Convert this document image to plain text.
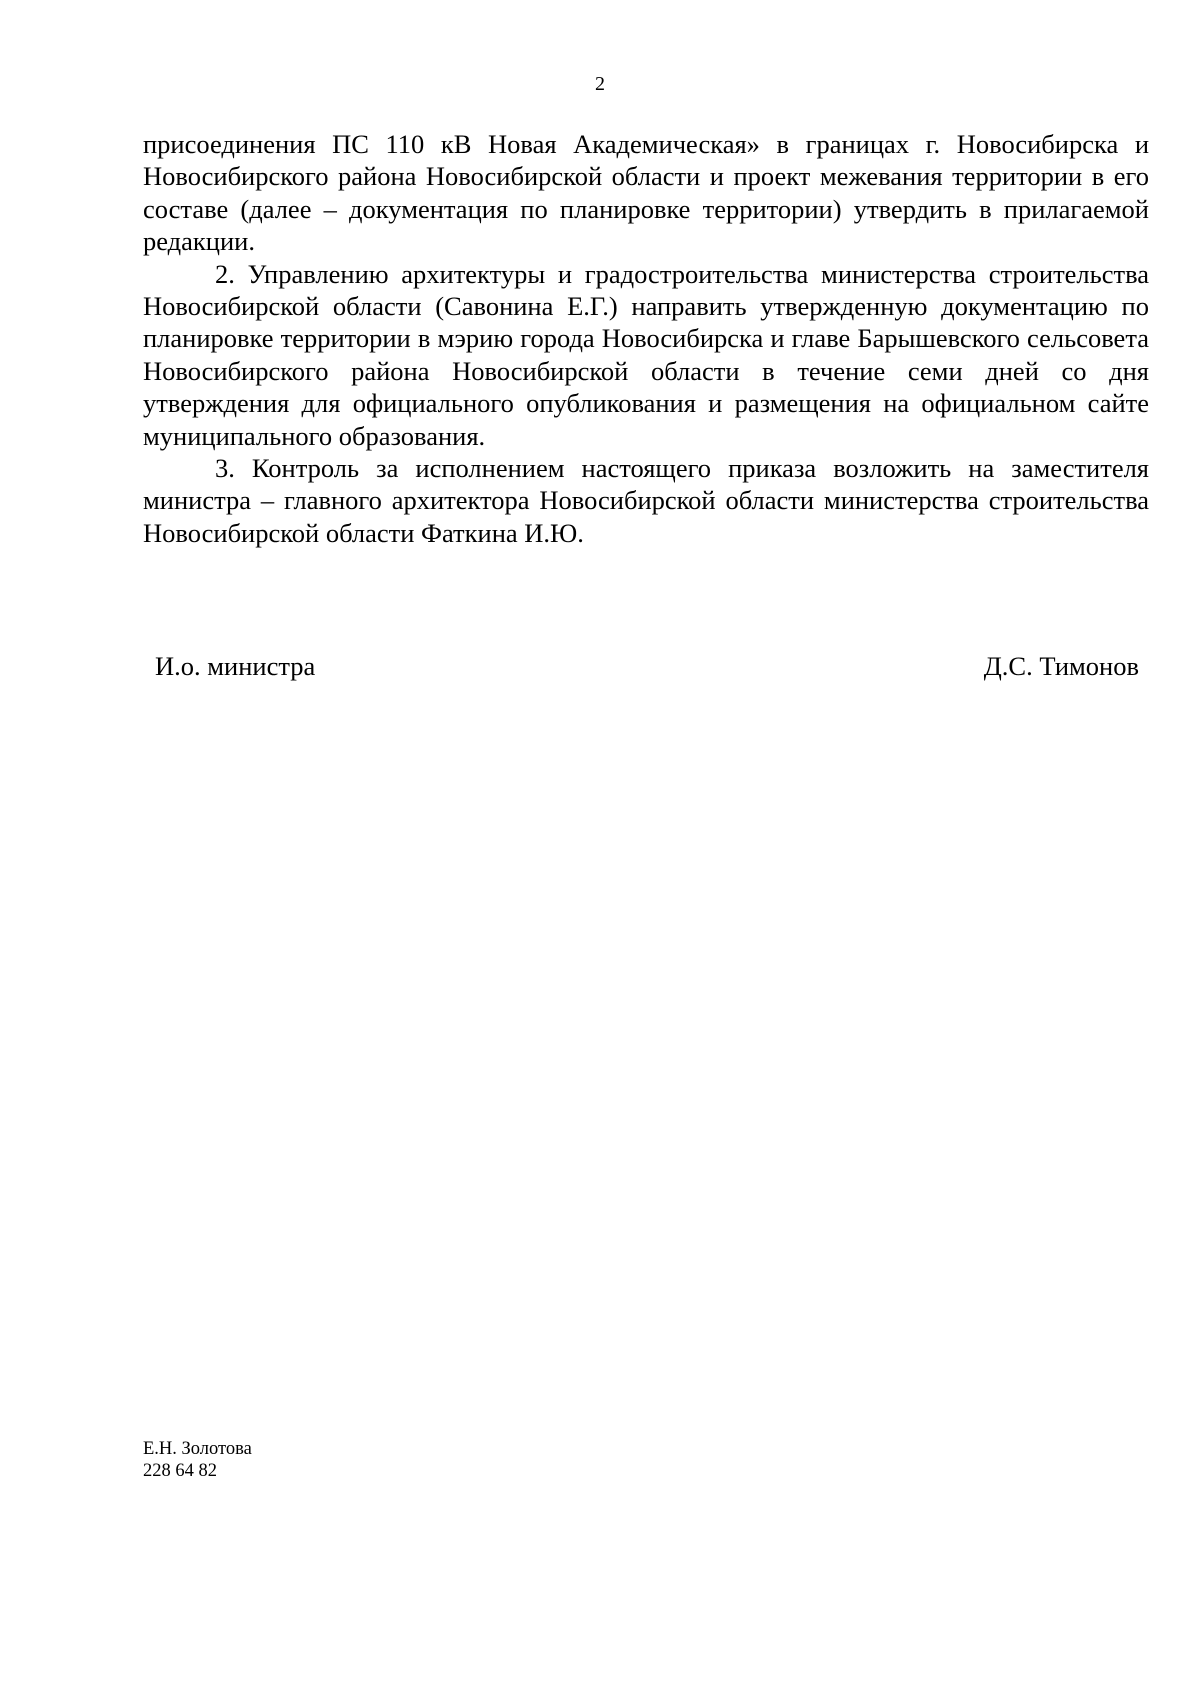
2

присоединения ПС 110 кВ Новая Академическая» в границах г. Новосибирска и Новосибирского района Новосибирской области и проект межевания территории в его составе (далее – документация по планировке территории) утвердить в прилагаемой редакции.

2. Управлению архитектуры и градостроительства министерства строительства Новосибирской области (Савонина Е.Г.) направить утвержденную документацию по планировке территории в мэрию города Новосибирска и главе Барышевского сельсовета Новосибирского района Новосибирской области в течение семи дней со дня утверждения для официального опубликования и размещения на официальном сайте муниципального образования.

3. Контроль за исполнением настоящего приказа возложить на заместителя министра – главного архитектора Новосибирской области министерства строительства Новосибирской области Фаткина И.Ю.

И.о. министра	Д.С. Тимонов
Е.Н. Золотова
228 64 82
